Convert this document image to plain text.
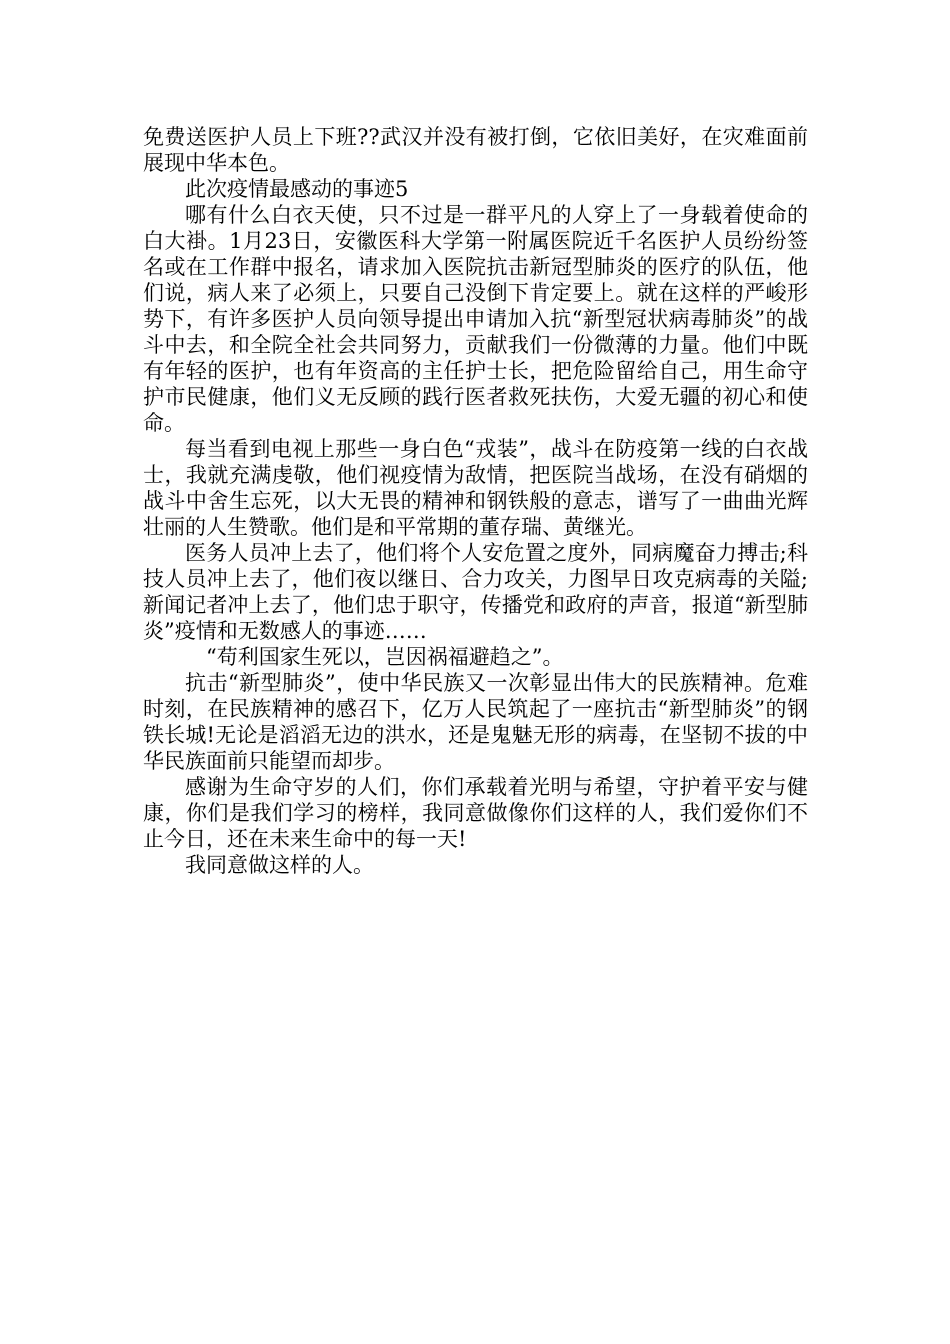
免费送医护人员上下班??武汉并没有被打倒，它依旧美好，在灾难面前展现中华本色。

此次疫情最感动的事迹5

哪有什么白衣天使，只不过是一群平凡的人穿上了一身载着使命的白大褂。1月23日，安徽医科大学第一附属医院近千名医护人员纷纷签名或在工作群中报名，请求加入医院抗击新冠型肺炎的医疗的队伍，他们说，病人来了必须上，只要自己没倒下肯定要上。就在这样的严峻形势下，有许多医护人员向领导提出申请加入抗“新型冠状病毒肺炎”的战斗中去，和全院全社会共同努力，贡献我们一份微薄的力量。他们中既有年轻的医护，也有年资高的主任护士长，把危险留给自己，用生命守护市民健康，他们义无反顾的践行医者救死扶伤，大爱无疆的初心和使命。

每当看到电视上那些一身白色“戎装”，战斗在防疫第一线的白衣战士，我就充满虔敬，他们视疫情为敌情，把医院当战场，在没有硝烟的战斗中舍生忘死，以大无畏的精神和钢铁般的意志，谱写了一曲曲光辉壮丽的人生赞歌。他们是和平常期的董存瑞、黄继光。

医务人员冲上去了，他们将个人安危置之度外，同病魔奋力搏击;科技人员冲上去了，他们夜以继日、合力攻关，力图早日攻克病毒的关隘;新闻记者冲上去了，他们忠于职守，传播党和政府的声音，报道“新型肺炎”疫情和无数感人的事迹……

“苟利国家生死以，岂因祸福避趋之”。

抗击“新型肺炎”，使中华民族又一次彰显出伟大的民族精神。危难时刻，在民族精神的感召下，亿万人民筑起了一座抗击“新型肺炎”的钢铁长城!无论是滔滔无边的洪水，还是鬼魅无形的病毒，在坚韧不拔的中华民族面前只能望而却步。

感谢为生命守岁的人们，你们承载着光明与希望，守护着平安与健康，你们是我们学习的榜样，我同意做像你们这样的人，我们爱你们不止今日，还在未来生命中的每一天!

我同意做这样的人。
